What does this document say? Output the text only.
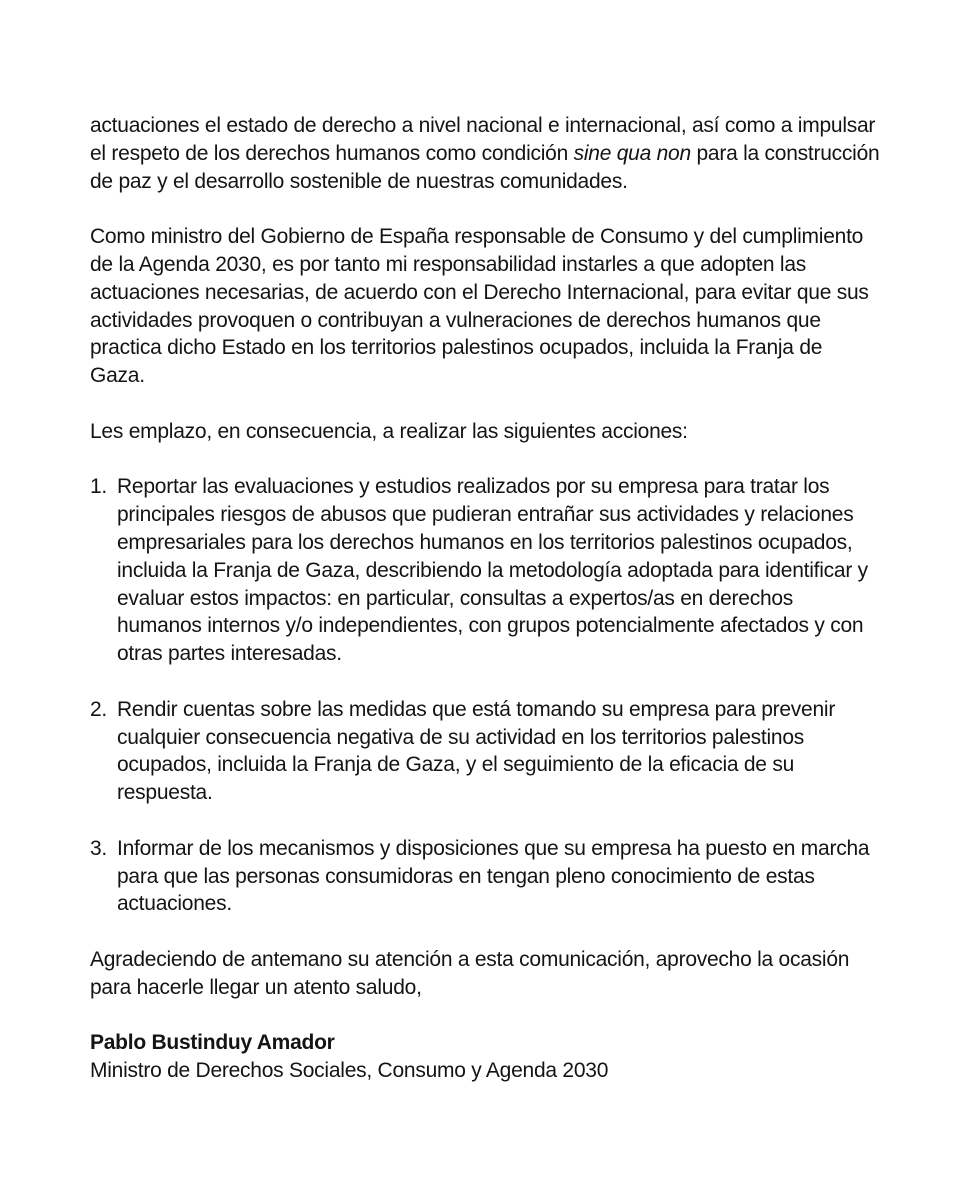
actuaciones el estado de derecho a nivel nacional e internacional, así como a impulsar el respeto de los derechos humanos como condición sine qua non para la construcción de paz y el desarrollo sostenible de nuestras comunidades.

Como ministro del Gobierno de España responsable de Consumo y del cumplimiento de la Agenda 2030, es por tanto mi responsabilidad instarles a que adopten las actuaciones necesarias, de acuerdo con el Derecho Internacional, para evitar que sus actividades provoquen o contribuyan a vulneraciones de derechos humanos que practica dicho Estado en los territorios palestinos ocupados, incluida la Franja de Gaza.

Les emplazo, en consecuencia, a realizar las siguientes acciones:

1. Reportar las evaluaciones y estudios realizados por su empresa para tratar los principales riesgos de abusos que pudieran entrañar sus actividades y relaciones empresariales para los derechos humanos en los territorios palestinos ocupados, incluida la Franja de Gaza, describiendo la metodología adoptada para identificar y evaluar estos impactos: en particular, consultas a expertos/as en derechos humanos internos y/o independientes, con grupos potencialmente afectados y con otras partes interesadas.
2. Rendir cuentas sobre las medidas que está tomando su empresa para prevenir cualquier consecuencia negativa de su actividad en los territorios palestinos ocupados, incluida la Franja de Gaza, y el seguimiento de la eficacia de su respuesta.
3. Informar de los mecanismos y disposiciones que su empresa ha puesto en marcha para que las personas consumidoras en tengan pleno conocimiento de estas actuaciones.

Agradeciendo de antemano su atención a esta comunicación, aprovecho la ocasión para hacerle llegar un atento saludo,

Pablo Bustinduy Amador

Ministro de Derechos Sociales, Consumo y Agenda 2030
